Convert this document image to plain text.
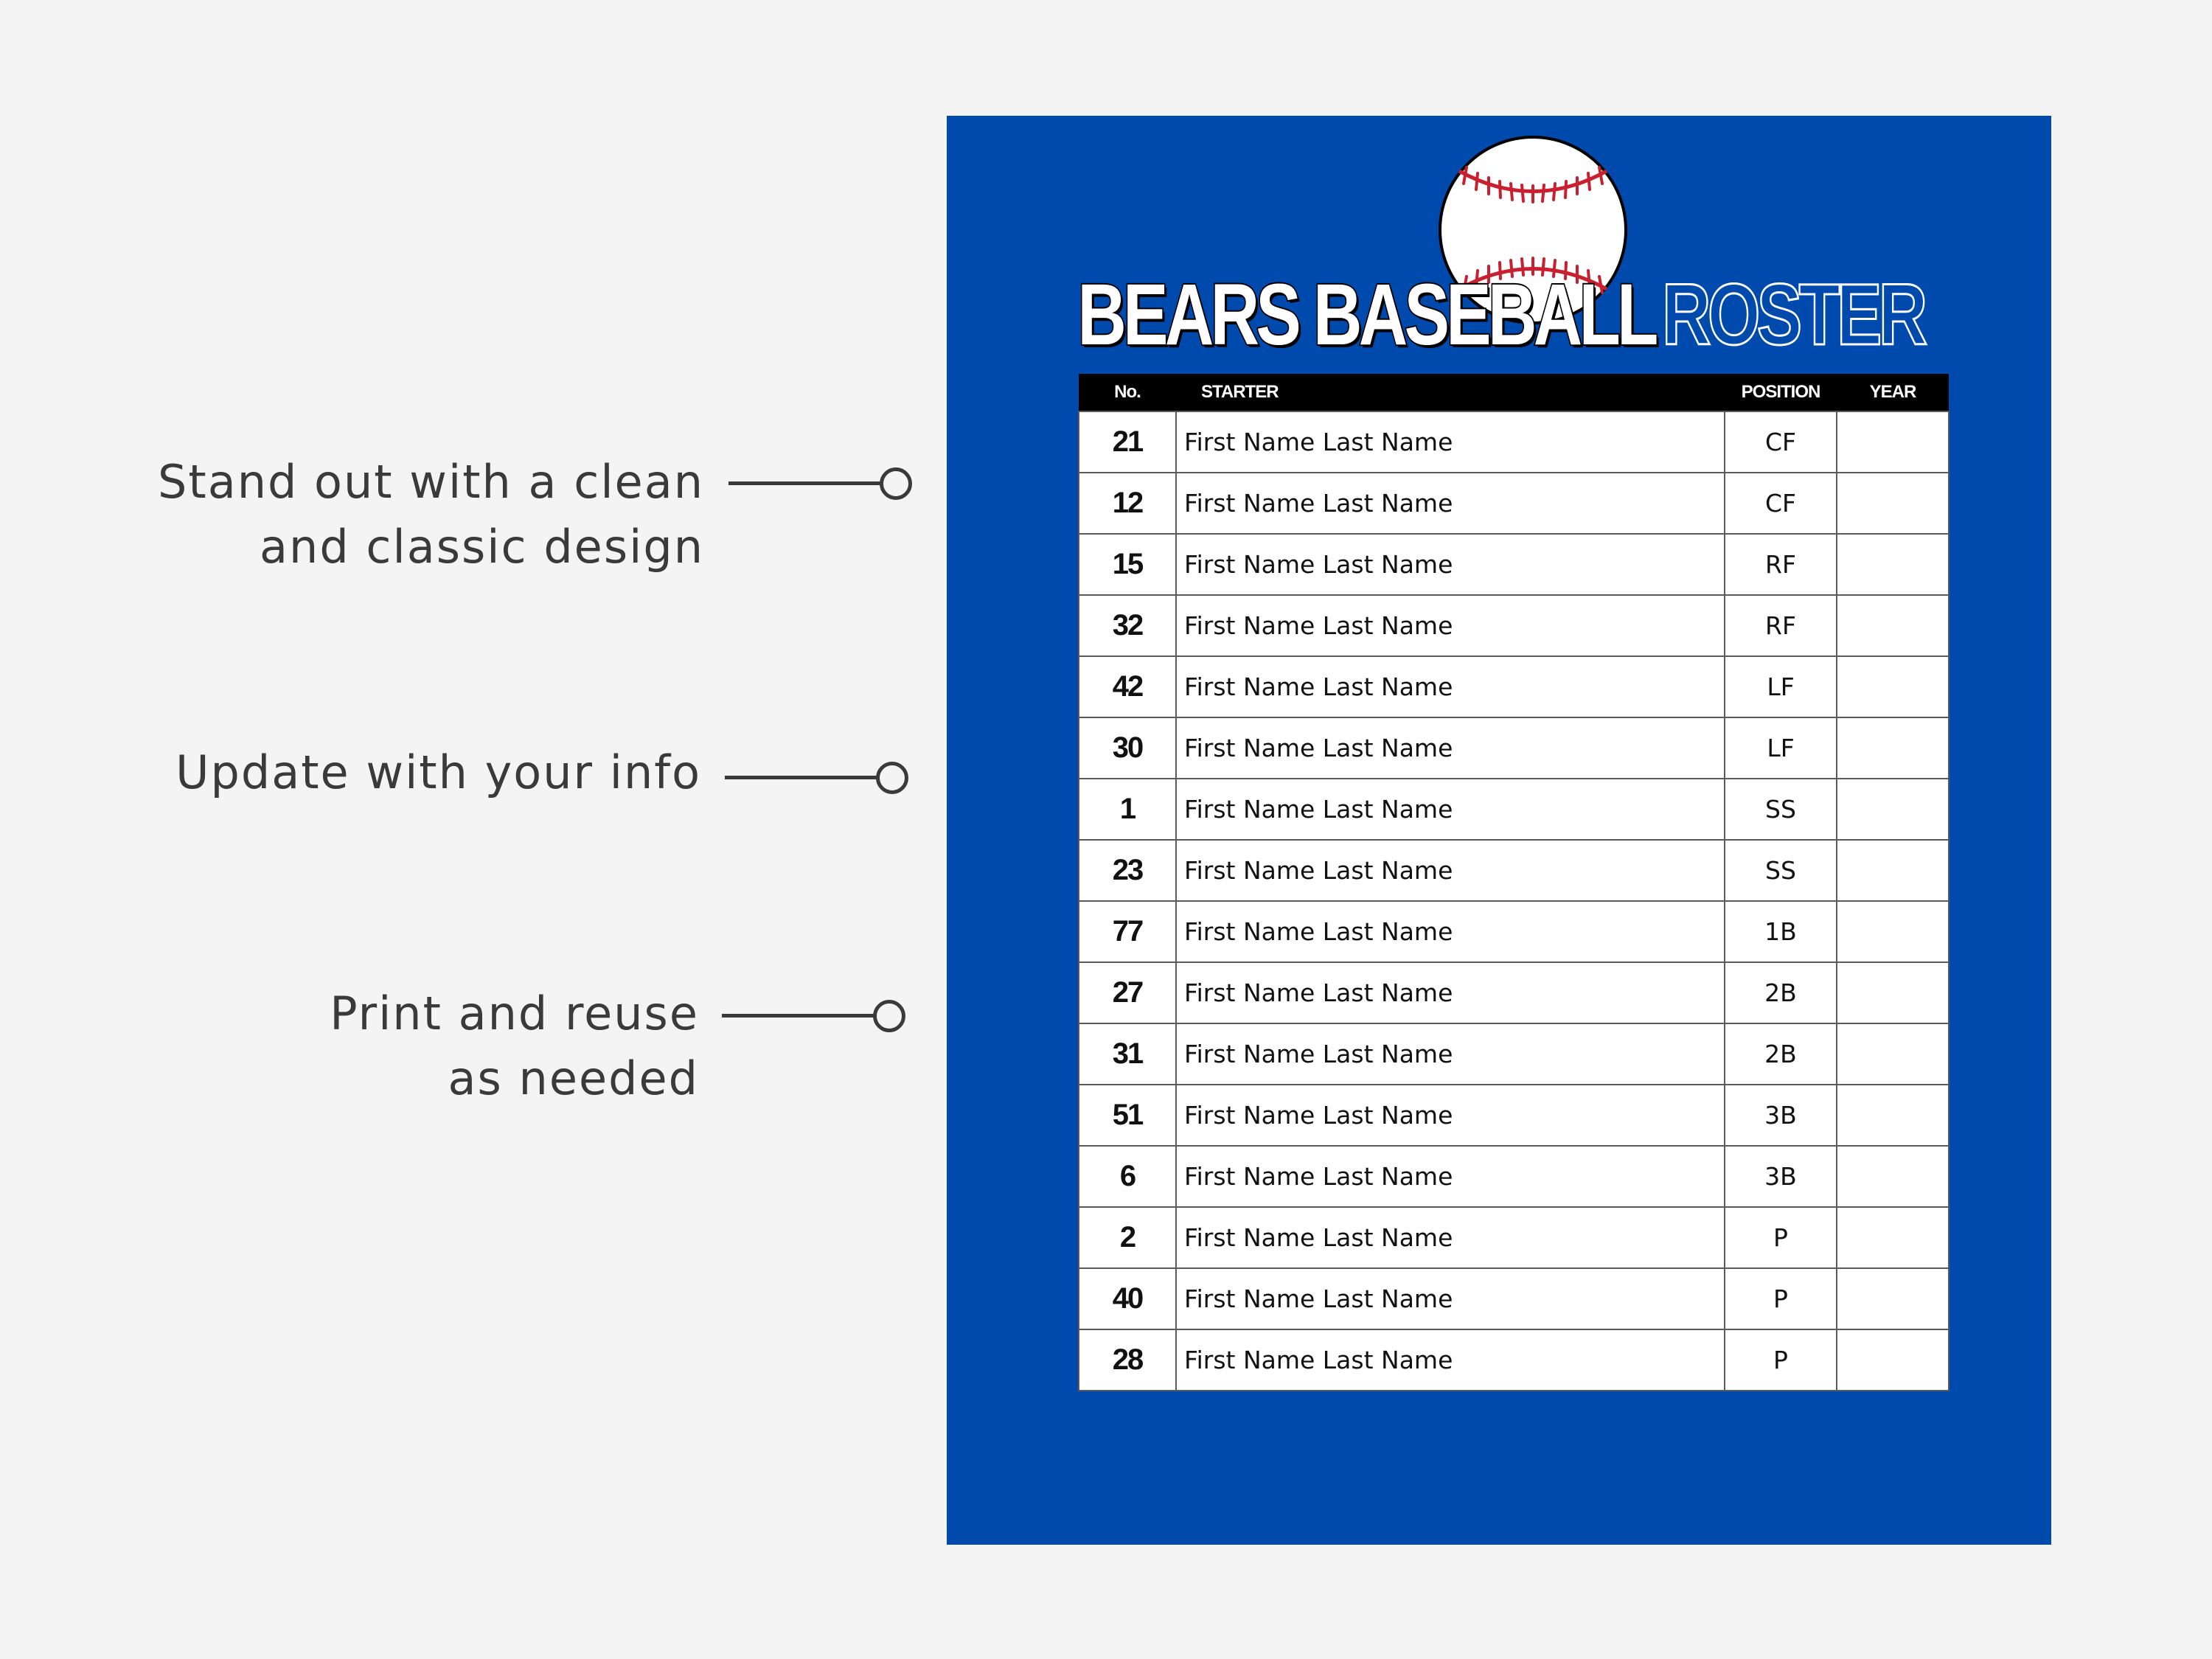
Stand out with a clean
and classic design
Update with your info
Print and reuse
as needed
BEARS BASEBALLROSTER
No.	STARTER	POSITION	YEAR
21	First Name Last Name	CF	
12	First Name Last Name	CF	
15	First Name Last Name	RF	
32	First Name Last Name	RF	
42	First Name Last Name	LF	
30	First Name Last Name	LF	
1	First Name Last Name	SS	
23	First Name Last Name	SS	
77	First Name Last Name	1B	
27	First Name Last Name	2B	
31	First Name Last Name	2B	
51	First Name Last Name	3B	
6	First Name Last Name	3B	
2	First Name Last Name	P	
40	First Name Last Name	P	
28	First Name Last Name	P	
